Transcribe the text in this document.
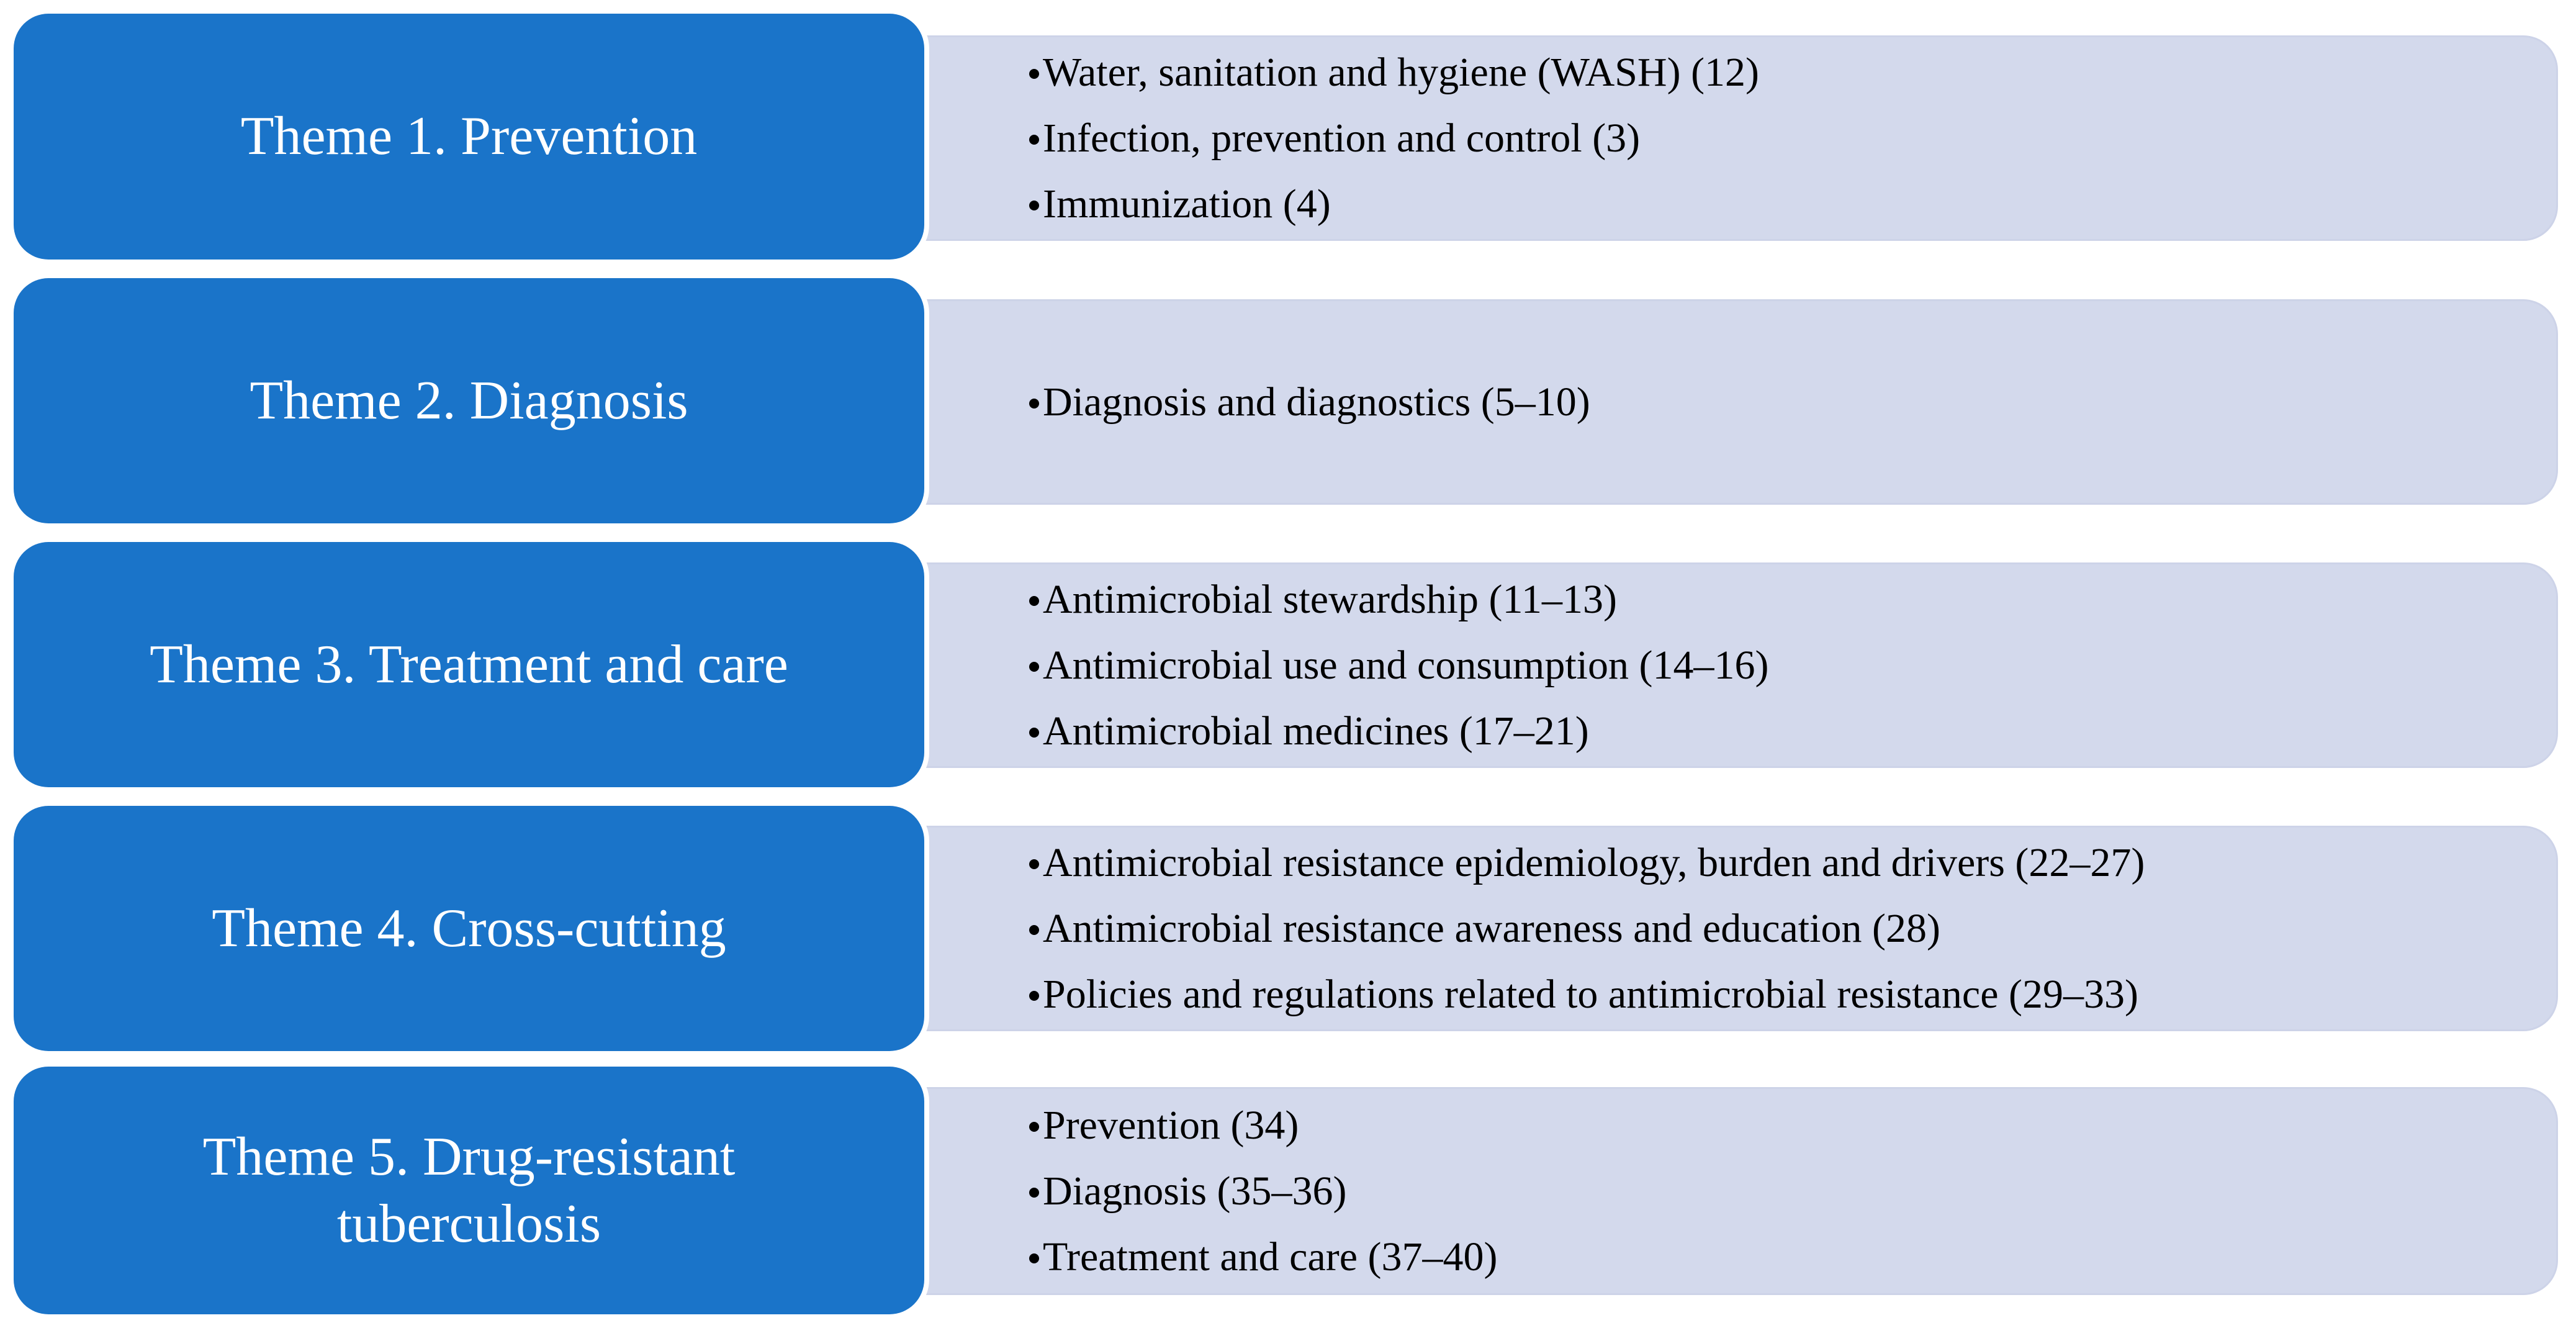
Water, sanitation and hygiene (WASH) (12)
Infection, prevention and control (3)
Immunization (4)
Theme 1. Prevention
Diagnosis and diagnostics (5–10)
Theme 2. Diagnosis
Antimicrobial stewardship (11–13)
Antimicrobial use and consumption (14–16)
Antimicrobial medicines (17–21)
Theme 3. Treatment and care
Antimicrobial resistance epidemiology, burden and drivers (22–27)
Antimicrobial resistance awareness and education (28)
Policies and regulations related to antimicrobial resistance (29–33)
Theme 4. Cross-cutting
Prevention (34)
Diagnosis (35–36)
Treatment and care (37–40)
Theme 5. Drug-resistant tuberculosis
